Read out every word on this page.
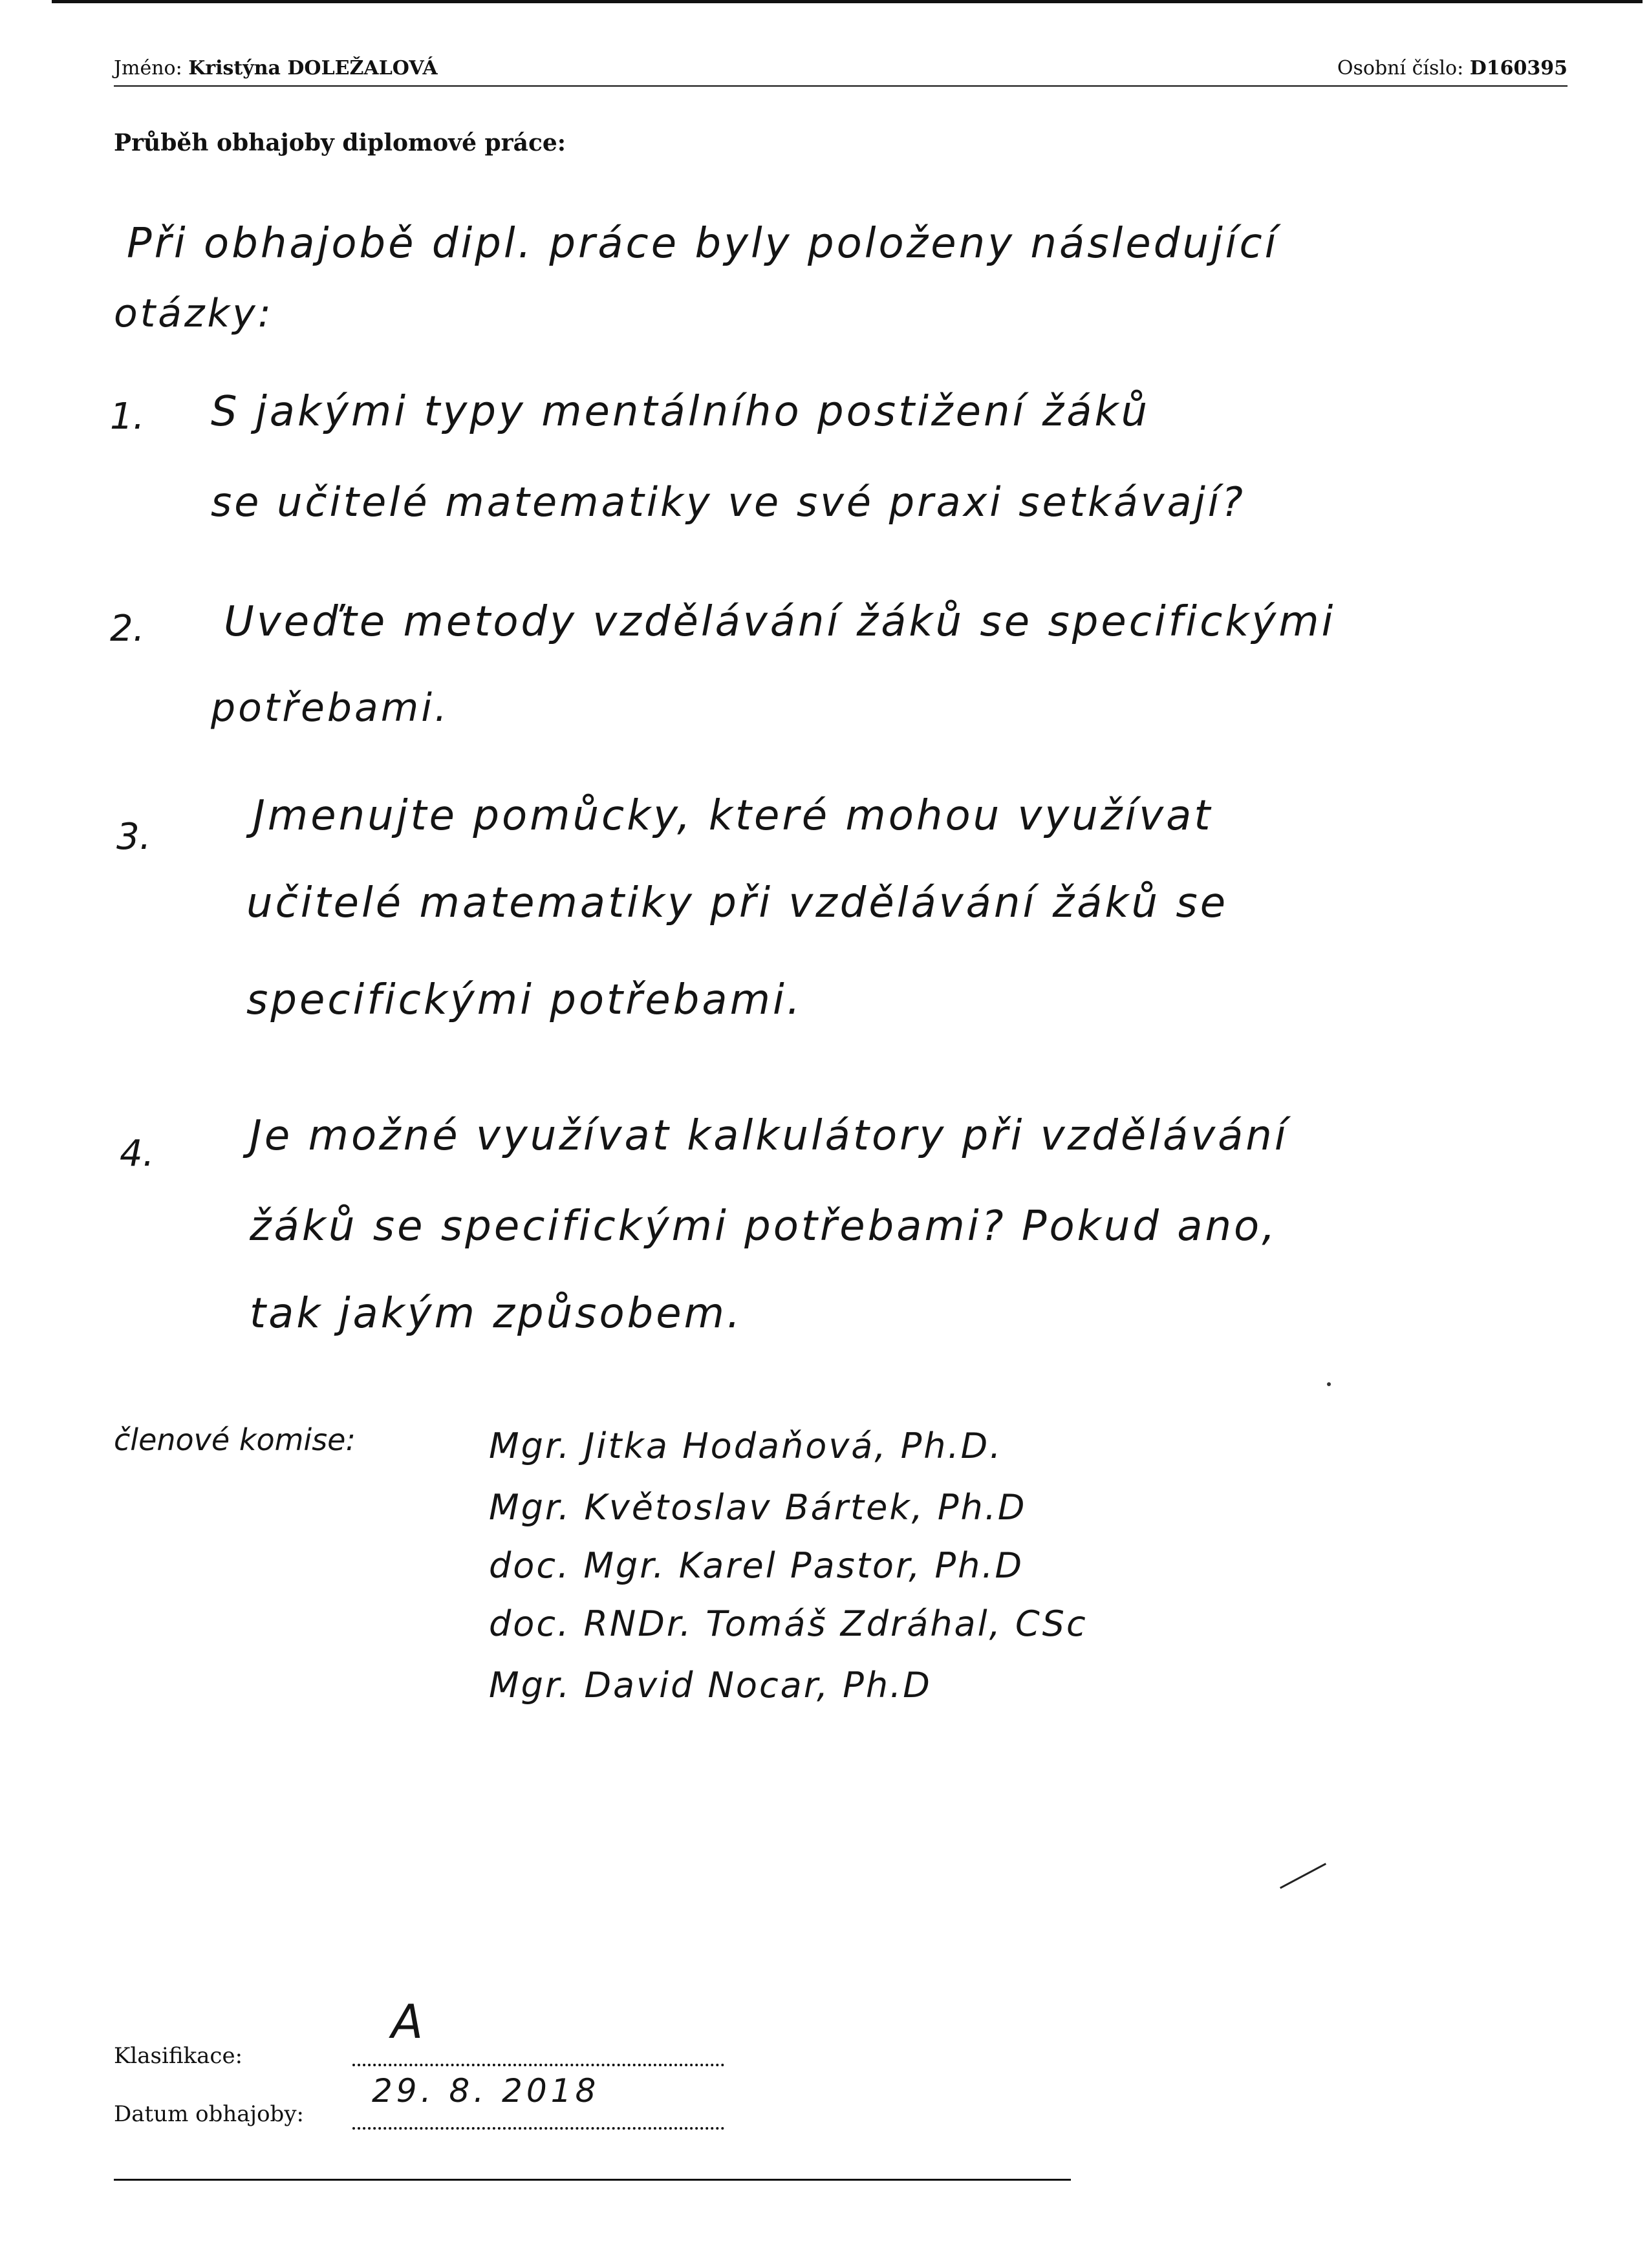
Jméno: Kristýna DOLEŽALOVÁ	Osobní číslo: D160395
Průběh obhajoby diplomové práce:
Při obhajobě dipl. práce byly položeny následující
otázky:
1. S jakými typy mentálního postižení žáků
se učitelé matematiky ve své praxi setkávají?
2. Uveďte metody vzdělávání žáků se specifickými
potřebami.
3. Jmenujte pomůcky, které mohou využívat
učitelé matematiky při vzdělávání žáků se
specifickými potřebami.
4. Je možné využívat kalkulátory při vzdělávání
žáků se specifickými potřebami? Pokud ano,
tak jakým způsobem.
členové komise:	Mgr. Jitka Hodaňová, Ph.D.
Mgr. Květoslav Bártek, Ph.D
doc. Mgr. Karel Pastor, Ph.D
doc. RNDr. Tomáš Zdráhal, CSc
Mgr. David Nocar, Ph.D
Klasifikace:
A
Datum obhajoby:
29. 8. 2018
